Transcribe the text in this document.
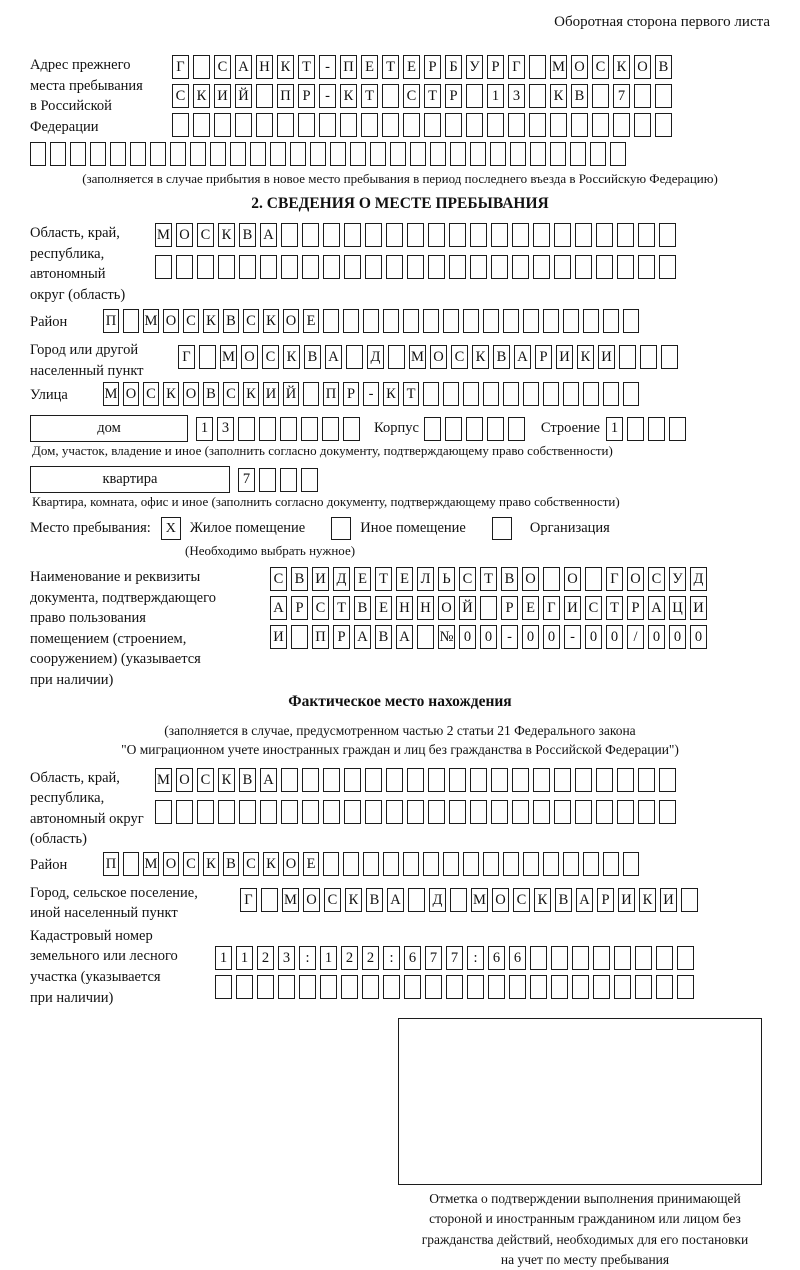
Оборотная сторона первого листа
Адрес прежнего
места пребывания
в Российской
Федерации
Г С А Н К Т - П Е Т Е Р Б У Р Г М О С К О В
С К И Й П Р	- К Т С Т Р	1 3	К В	7
(заполняется в случае прибытия в новое место пребывания в период последнего въезда в Российскую Федерацию)
2. СВЕДЕНИЯ О МЕСТЕ ПРЕБЫВАНИЯ
Область, край,
республика,
автономный
округ (область)
М О С К В А
Район	П М О С К В С К О Е
Город или другой
населенный пункт
Г М О С К В А Д М О С К В А Р И К И
Улица	М О С К О В С К И Й П Р - К Т
дом	1 3	Корпус	Строение 1
Дом, участок, владение и иное (заполнить согласно документу, подтверждающему право собственности)
квартира	7
Квартира, комната, офис и иное (заполнить согласно документу, подтверждающему право собственности)
Место пребывания:	X Жилое помещение	Иное помещение	Организация
(Необходимо выбрать нужное)
Наименование и реквизиты
документа, подтверждающего
право пользования
помещением (строением,
сооружением) (указывается
при наличии)
С В И Д Е Т Е Л Ь С Т В О О Г О С У Д
А Р С Т В Е Н Н О Й	Р Е Г И С Т Р А Ц И
И П Р А В А № 0 0	-	0 0	-	0 0	/	0 0 0
Фактическое место нахождения
(заполняется в случае, предусмотренном частью 2 статьи 21 Федерального закона
"О миграционном учете иностранных граждан и лиц без гражданства в Российской Федерации")
Область, край,
республика,
автономный округ
(область)
М О С К В А
Район	П М О С К В С К О Е
Город, сельское поселение,
иной населенный пункт
Г М О С К В А Д М О С К В А Р И К И
Кадастровый номер
земельного или лесного
участка (указывается
при наличии)
1 1 2 3	:	1 2 2	:	6 7 7	:	6 6
Отметка о подтверждении выполнения принимающей
стороной и иностранным гражданином или лицом без
гражданства действий, необходимых для его постановки
на учет по месту пребывания
